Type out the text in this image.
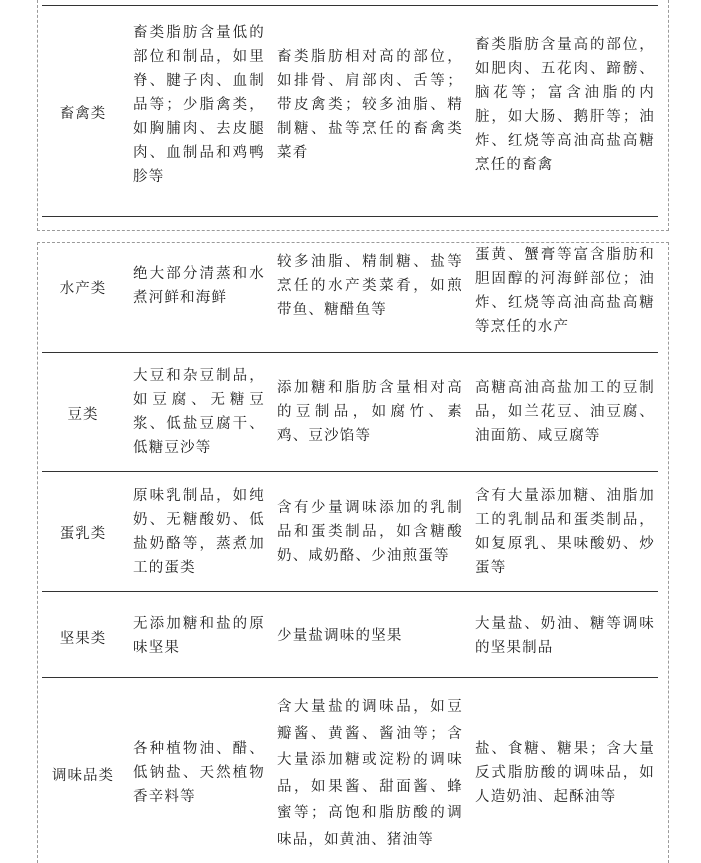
畜禽类
畜类脂肪含量低的部位和制品，如里脊、腱子肉、血制品等；少脂禽类，如胸脯肉、去皮腿肉、血制品和鸡鸭胗等
畜类脂肪相对高的部位，如排骨、肩部肉、舌等；带皮禽类；较多油脂、精制糖、盐等烹任的畜禽类菜肴
畜类脂肪含量高的部位，如肥肉、五花肉、蹄髈、脑花等；富含油脂的内脏，如大肠、鹅肝等；油炸、红烧等高油高盐高糖烹任的畜禽
水产类
绝大部分清蒸和水煮河鲜和海鲜
较多油脂、精制糖、盐等烹任的水产类菜肴，如煎带鱼、糖醋鱼等
蛋黄、蟹膏等富含脂肪和胆固醇的河海鲜部位；油炸、红烧等高油高盐高糖等烹任的水产
豆类
大豆和杂豆制品，如豆腐、无糖豆浆、低盐豆腐干、低糖豆沙等
添加糖和脂肪含量相对高的豆制品，如腐竹、素鸡、豆沙馅等
高糖高油高盐加工的豆制品，如兰花豆、油豆腐、油面筋、咸豆腐等
蛋乳类
原味乳制品，如纯奶、无糖酸奶、低盐奶酪等，蒸煮加工的蛋类
含有少量调味添加的乳制品和蛋类制品，如含糖酸奶、咸奶酪、少油煎蛋等
含有大量添加糖、油脂加工的乳制品和蛋类制品，如复原乳、果味酸奶、炒蛋等
坚果类
无添加糖和盐的原味坚果
少量盐调味的坚果
大量盐、奶油、糖等调味的坚果制品
调味品类
各种植物油、醋、低钠盐、天然植物香辛料等
含大量盐的调味品，如豆瓣酱、黄酱、酱油等；含大量添加糖或淀粉的调味品，如果酱、甜面酱、蜂蜜等；高饱和脂肪酸的调味品，如黄油、猪油等
盐、食糖、糖果；含大量反式脂肪酸的调味品，如人造奶油、起酥油等
